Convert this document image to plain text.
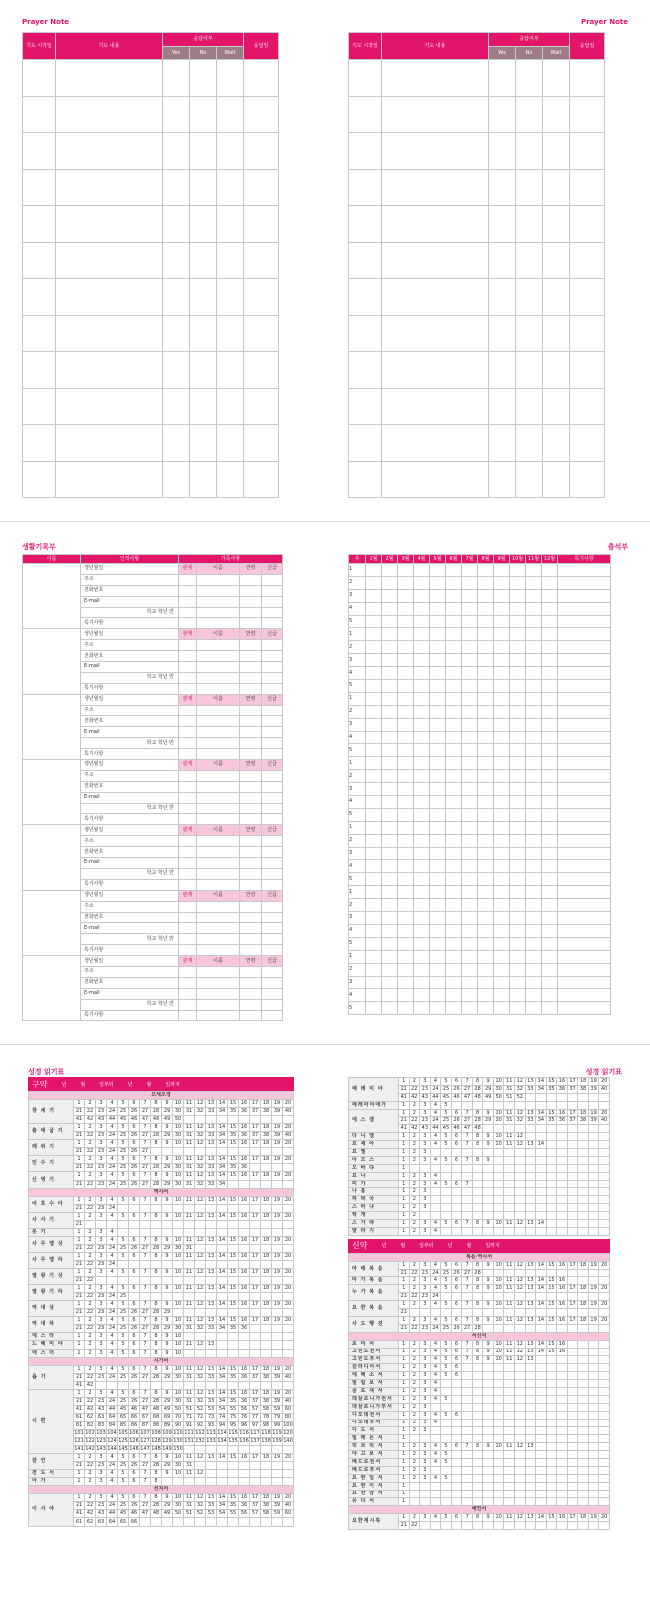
Prayer Note	Prayer Note
기도 시작일	기도 내용	응답여부			응답일
		Yes	No	Wait	

기도 시작일	기도 내용	응답여부			응답일
		Yes	No	Wait	

생활기록부	출석부
이름	인적사항	가족사항			
	생년월일	관계	이름	연령	신급
	주소				
	전화번호				
	E-mail				
	학교 학년 반				
	특기사항				
	생년월일	관계	이름	연령	신급
	주소				
	전화번호				
	E-mail				
	학교 학년 반				
	특기사항				
	생년월일	관계	이름	연령	신급
	주소				
	전화번호				
	E-mail				
	학교 학년 반				
	특기사항				
	생년월일	관계	이름	연령	신급
	주소				
	전화번호				
	E-mail				
	학교 학년 반				
	특기사항				
	생년월일	관계	이름	연령	신급
	주소				
	전화번호				
	E-mail				
	학교 학년 반				
	특기사항				
	생년월일	관계	이름	연령	신급
	주소				
	전화번호				
	E-mail				
	학교 학년 반				
	특기사항				
	생년월일	관계	이름	연령	신급
	주소				
	전화번호				
	E-mail				
	학교 학년 반				
	특기사항				
주	1월	2월	3월	4월	5월	6월	7월	8월	9월	10월	11월	12월	특기사항
1													
2													
3													
4													
5													
1													
2													
3													
4													
5													
1													
2													
3													
4													
5													
1													
2													
3													
4													
5													
1													
2													
3													
4													
5													
1													
2													
3													
4													
5													
1													
2													
3													
4													
5													
성경 읽기표	성경 읽기표
구약	년	월	일부터	년	월	일까지
모세오경																				
창 세 기	1	2	3	4	5	6	7	8	9	10	11	12	13	14	15	16	17	18	19	20
	21	22	23	24	25	26	27	28	29	30	31	32	33	34	35	36	37	38	39	40
	41	42	43	44	45	46	47	48	49	50										
출 애 굽 기	1	2	3	4	5	6	7	8	9	10	11	12	13	14	15	16	17	18	19	20
	21	22	23	24	25	26	27	28	29	30	31	32	33	34	35	36	37	38	39	40
레 위 기	1	2	3	4	5	6	7	8	9	10	11	12	13	14	15	16	17	18	19	20
	21	22	23	24	25	26	27													
민 수 기	1	2	3	4	5	6	7	8	9	10	11	12	13	14	15	16	17	18	19	20
	21	22	23	24	25	26	27	28	29	30	31	32	33	34	35	36				
신 명 기	1	2	3	4	5	6	7	8	9	10	11	12	13	14	15	16	17	18	19	20
	21	22	23	24	25	26	27	28	29	30	31	32	33	34						
역사서																				
여 호 수 아	1	2	3	4	5	6	7	8	9	10	11	12	13	14	15	16	17	18	19	20
	21	22	23	24																
사 사 기	1	2	3	4	5	6	7	8	9	10	11	12	13	14	15	16	17	18	19	20
	21																			
룻 기	1	2	3	4																
사 무 엘 상	1	2	3	4	5	6	7	8	9	10	11	12	13	14	15	16	17	18	19	20
	21	22	23	24	25	26	27	28	29	30	31									
사 무 엘 하	1	2	3	4	5	6	7	8	9	10	11	12	13	14	15	16	17	18	19	20
	21	22	23	24																
열 왕 기 상	1	2	3	4	5	6	7	8	9	10	11	12	13	14	15	16	17	18	19	20
	21	22																		
열 왕 기 하	1	2	3	4	5	6	7	8	9	10	11	12	13	14	15	16	17	18	19	20
	21	22	23	24	25															
역 대 상	1	2	3	4	5	6	7	8	9	10	11	12	13	14	15	16	17	18	19	20
	21	22	23	24	25	26	27	28	29											
역 대 하	1	2	3	4	5	6	7	8	9	10	11	12	13	14	15	16	17	18	19	20
	21	22	23	24	25	26	27	28	29	30	31	32	33	34	35	36				
에 스 라	1	2	3	4	5	6	7	8	9	10										
느 헤 미 야	1	2	3	4	5	6	7	8	9	10	11	12	13							
에 스 더	1	2	3	4	5	6	7	8	9	10										
시가서																				
욥 기	1	2	3	4	5	6	7	8	9	10	11	12	13	14	15	16	17	18	19	20
	21	22	23	24	25	26	27	28	29	30	31	32	33	34	35	36	37	38	39	40
	41	42																		
시 편	1	2	3	4	5	6	7	8	9	10	11	12	13	14	15	16	17	18	19	20
	21	22	23	24	25	26	27	28	29	30	31	32	33	34	35	36	37	38	39	40
	41	42	43	44	45	46	47	48	49	50	51	52	53	54	55	56	57	58	59	60
	61	62	63	64	65	66	67	68	69	70	71	72	73	74	75	76	77	78	79	80
	81	82	83	84	85	86	87	88	89	90	91	92	93	94	95	96	97	98	99	100
	101	102	103	104	105	106	107	108	109	110	111	112	113	114	115	116	117	118	119	120
	121	122	123	124	125	126	127	128	129	130	131	132	133	134	135	136	137	138	139	140
	141	142	143	144	145	146	147	148	149	150										
잠 언	1	2	3	4	5	6	7	8	9	10	11	12	13	14	15	16	17	18	19	20
	21	22	23	24	25	26	27	28	29	30	31									
전 도 서	1	2	3	4	5	6	7	8	9	10	11	12								
아 가	1	2	3	4	5	6	7	8												
선지서																				
이 사 야	1	2	3	4	5	6	7	8	9	10	11	12	13	14	15	16	17	18	19	20
	21	22	23	24	25	26	27	28	29	30	31	32	33	34	35	36	37	38	39	40
	41	42	43	44	45	46	47	48	49	50	51	52	53	54	55	56	57	58	59	60
	61	62	63	64	65	66														
예 레 미 야	1	2	3	4	5	6	7	8	9	10	11	12	13	14	15	16	17	18	19	20
	21	22	23	24	25	26	27	28	29	30	31	32	33	34	35	36	37	38	39	40
	41	42	43	44	45	46	47	48	49	50	51	52								
예레미야애가	1	2	3	4	5															
에 스 겔	1	2	3	4	5	6	7	8	9	10	11	12	13	14	15	16	17	18	19	20
	21	22	23	24	25	26	27	28	29	30	31	32	33	34	35	36	37	38	39	40
	41	42	43	44	45	46	47	48												
다 니 엘	1	2	3	4	5	6	7	8	9	10	11	12								
호 세 아	1	2	3	4	5	6	7	8	9	10	11	12	13	14						
요 엘	1	2	3																	
아 모 스	1	2	3	4	5	6	7	8	9											
오 바 댜	1																			
요 나	1	2	3	4																
미 가	1	2	3	4	5	6	7													
나 훔	1	2	3																	
하 박 국	1	2	3																	
스 바 냐	1	2	3																	
학 개	1	2																		
스 가 랴	1	2	3	4	5	6	7	8	9	10	11	12	13	14						
말 라 기	1	2	3	4																
신약	년	월	일부터	년	월	일까지
복음·역사서																				
마 태 복 음	1	2	3	4	5	6	7	8	9	10	11	12	13	14	15	16	17	18	19	20
	21	22	23	24	25	26	27	28												
마 가 복 음	1	2	3	4	5	6	7	8	9	10	11	12	13	14	15	16				
누 가 복 음	1	2	3	4	5	6	7	8	9	10	11	12	13	14	15	16	17	18	19	20
	21	22	23	24																
요 한 복 음	1	2	3	4	5	6	7	8	9	10	11	12	13	14	15	16	17	18	19	20
	21																			
사 도 행 전	1	2	3	4	5	6	7	8	9	10	11	12	13	14	15	16	17	18	19	20
	21	22	23	24	25	26	27	28												
서신서																				
로 마 서	1	2	3	4	5	6	7	8	9	10	11	12	13	14	15	16				
고린도전서	1	2	3	4	5	6	7	8	9	10	11	12	13	14	15	16				
고린도후서	1	2	3	4	5	6	7	8	9	10	11	12	13							
갈라디아서	1	2	3	4	5	6														
에 베 소 서	1	2	3	4	5	6														
빌 립 보 서	1	2	3	4																
골 로 새 서	1	2	3	4																
데살로니가전서	1	2	3	4	5															
데살로니가후서	1	2	3																	
디모데전서	1	2	3	4	5	6														
디모데후서	1	2	3	4																
디 도 서	1	2	3																	
빌 레 몬 서	1																			
히 브 리 서	1	2	3	4	5	6	7	8	9	10	11	12	13							
야 고 보 서	1	2	3	4	5															
베드로전서	1	2	3	4	5															
베드로후서	1	2	3																	
요 한 일 서	1	2	3	4	5															
요 한 이 서	1																			
요 한 삼 서	1																			
유 다 서	1																			
예언서																				
요한계시록	1	2	3	4	5	6	7	8	9	10	11	12	13	14	15	16	17	18	19	20
	21	22																		
